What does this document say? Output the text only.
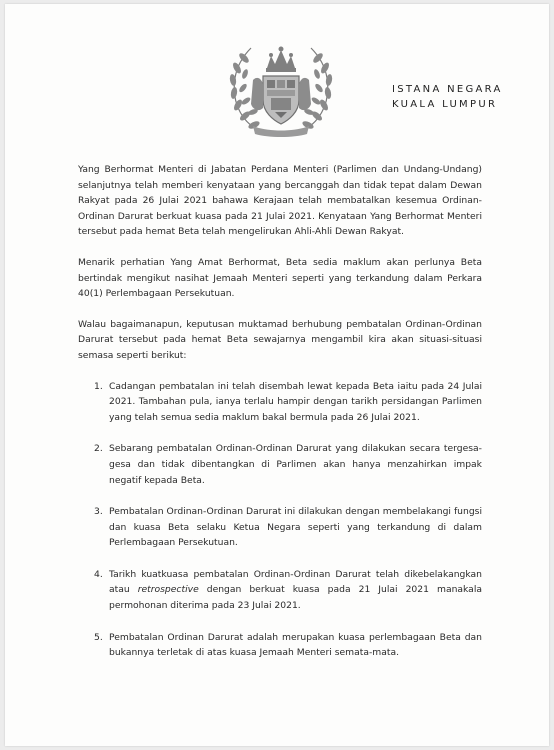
ISTANA NEGARA
KUALA LUMPUR

Yang Berhormat Menteri di Jabatan Perdana Menteri (Parlimen dan Undang-Undang) selanjutnya telah memberi kenyataan yang bercanggah dan tidak tepat dalam Dewan Rakyat pada 26 Julai 2021 bahawa Kerajaan telah membatalkan kesemua Ordinan-Ordinan Darurat berkuat kuasa pada 21 Julai 2021. Kenyataan Yang Berhormat Menteri tersebut pada hemat Beta telah mengelirukan Ahli-Ahli Dewan Rakyat.

Menarik perhatian Yang Amat Berhormat, Beta sedia maklum akan perlunya Beta bertindak mengikut nasihat Jemaah Menteri seperti yang terkandung dalam Perkara 40(1) Perlembagaan Persekutuan.

Walau bagaimanapun, keputusan muktamad berhubung pembatalan Ordinan-Ordinan Darurat tersebut pada hemat Beta sewajarnya mengambil kira akan situasi-situasi semasa seperti berikut:

1. Cadangan pembatalan ini telah disembah lewat kepada Beta iaitu pada 24 Julai 2021. Tambahan pula, ianya terlalu hampir dengan tarikh persidangan Parlimen yang telah semua sedia maklum bakal bermula pada 26 Julai 2021.
2. Sebarang pembatalan Ordinan-Ordinan Darurat yang dilakukan secara tergesa-gesa dan tidak dibentangkan di Parlimen akan hanya menzahirkan impak negatif kepada Beta.
3. Pembatalan Ordinan-Ordinan Darurat ini dilakukan dengan membelakangi fungsi dan kuasa Beta selaku Ketua Negara seperti yang terkandung di dalam Perlembagaan Persekutuan.
4. Tarikh kuatkuasa pembatalan Ordinan-Ordinan Darurat telah dikebelakangkan atau retrospective dengan berkuat kuasa pada 21 Julai 2021 manakala permohonan diterima pada 23 Julai 2021.
5. Pembatalan Ordinan Darurat adalah merupakan kuasa perlembagaan Beta dan bukannya terletak di atas kuasa Jemaah Menteri semata-mata.
